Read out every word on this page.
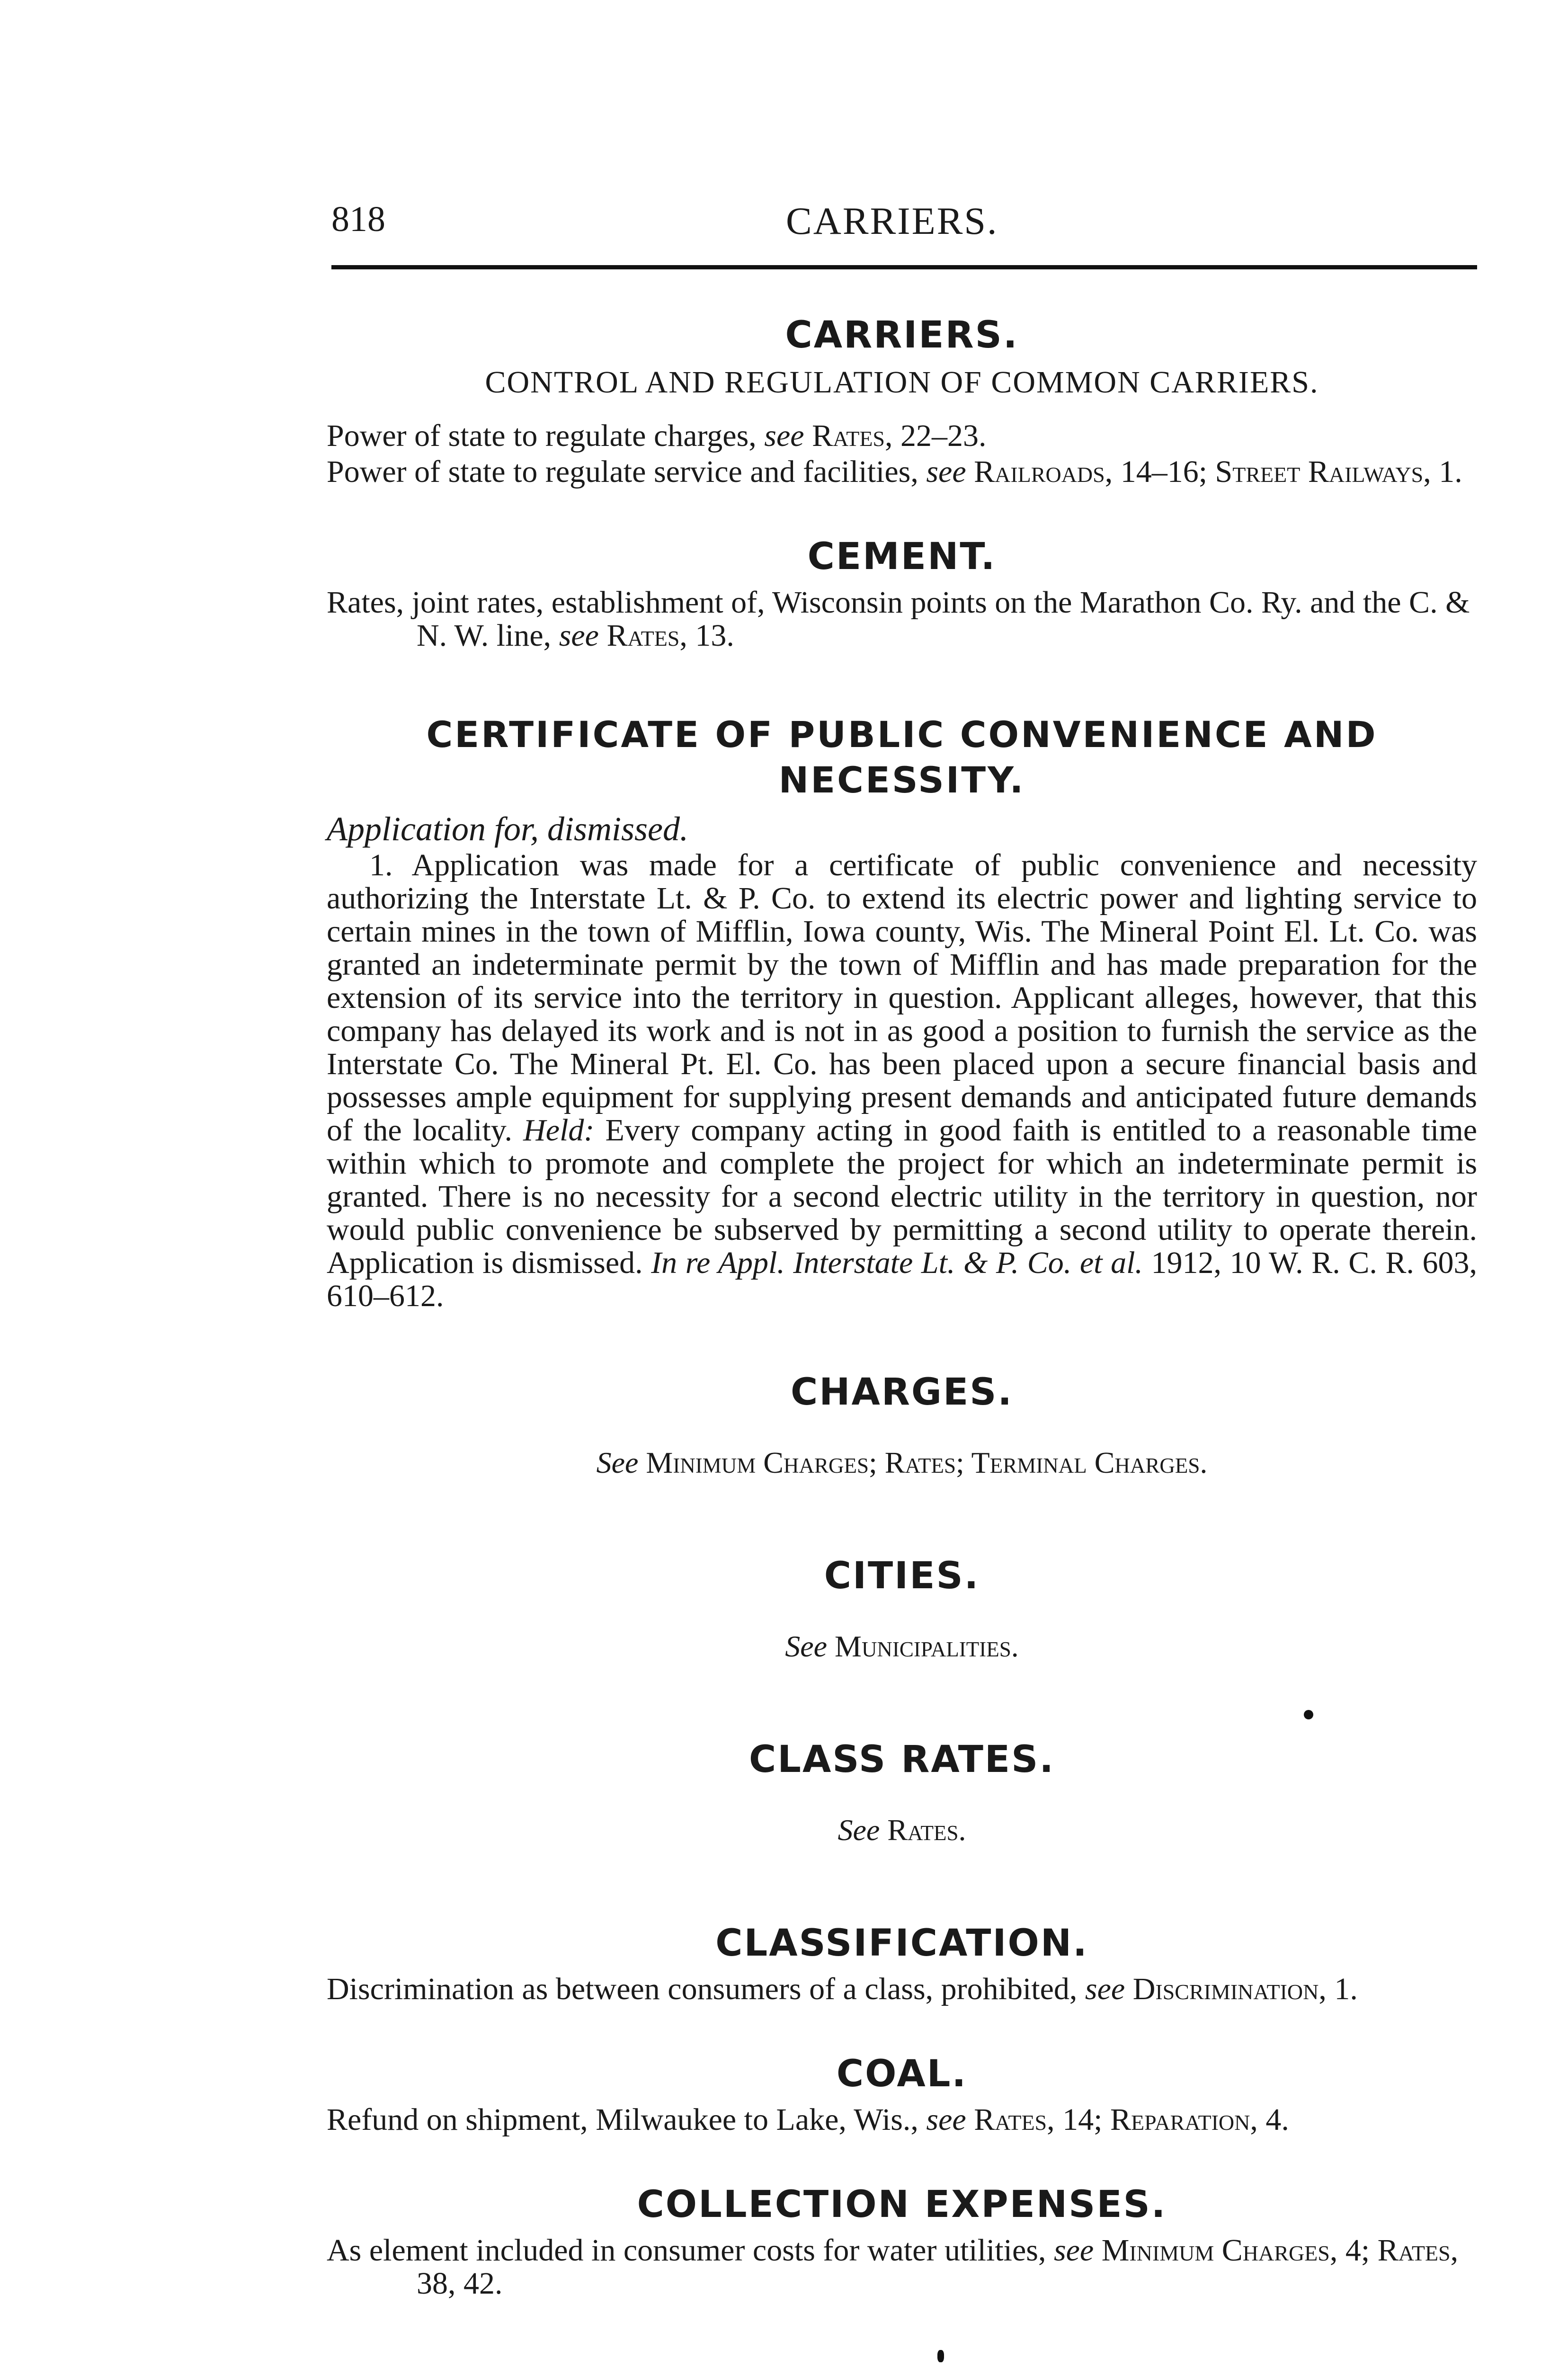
818	CARRIERS.
CARRIERS.

CONTROL AND REGULATION OF COMMON CARRIERS.

Power of state to regulate charges, see Rates, 22–23.

Power of state to regulate service and facilities, see Railroads, 14–16; Street Railways, 1.

CEMENT.

Rates, joint rates, establishment of, Wisconsin points on the Marathon Co. Ry. and the C. & N. W. line, see Rates, 13.

CERTIFICATE OF PUBLIC CONVENIENCE AND
NECESSITY.

Application for, dismissed.

1. Application was made for a certificate of public convenience and necessity authorizing the Interstate Lt. & P. Co. to extend its electric power and lighting service to certain mines in the town of Mifflin, Iowa county, Wis. The Mineral Point El. Lt. Co. was granted an indeterminate permit by the town of Mifflin and has made preparation for the extension of its service into the territory in question. Applicant alleges, however, that this company has delayed its work and is not in as good a position to furnish the service as the Interstate Co. The Mineral Pt. El. Co. has been placed upon a secure financial basis and possesses ample equipment for supplying present demands and anticipated future demands of the locality. Held: Every company acting in good faith is entitled to a reasonable time within which to promote and complete the project for which an indeterminate permit is granted. There is no necessity for a second electric utility in the territory in question, nor would public convenience be subserved by permitting a second utility to operate therein. Application is dismissed. In re Appl. Interstate Lt. & P. Co. et al. 1912, 10 W. R. C. R. 603, 610–612.

CHARGES.

See Minimum Charges; Rates; Terminal Charges.

CITIES.

See Municipalities.

CLASS RATES.

See Rates.

CLASSIFICATION.

Discrimination as between consumers of a class, prohibited, see Discrimination, 1.

COAL.

Refund on shipment, Milwaukee to Lake, Wis., see Rates, 14; Reparation, 4.

COLLECTION EXPENSES.

As element included in consumer costs for water utilities, see Minimum Charges, 4; Rates, 38, 42.
